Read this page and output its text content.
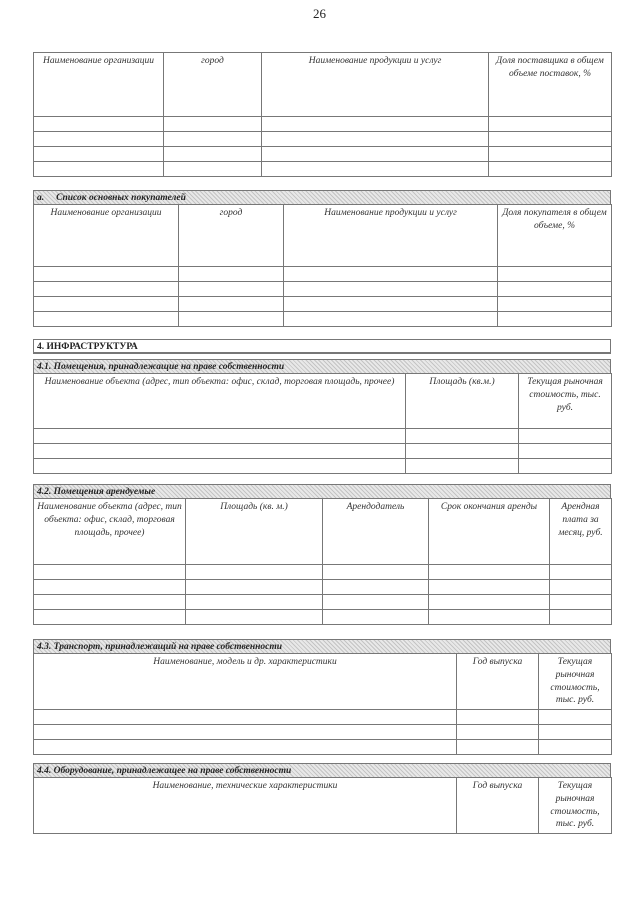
26
Наименование организации	город	Наименование продукции и услуг	Доля поставщика в общем объеме поставок, %

a. Список основных покупателей
Наименование организации	город	Наименование продукции и услуг	Доля покупателя в общем объеме, %

4. ИНФРАСТРУКТУРА
4.1. Помещения, принадлежащие на праве собственности
Наименование объекта (адрес, тип объекта: офис, склад, торговая площадь, прочее)	Площадь (кв.м.)	Текущая рыночная стоимость, тыс. руб.

4.2. Помещения арендуемые
Наименование объекта (адрес, тип объекта: офис, склад, торговая площадь, прочее)	Площадь (кв. м.)	Арендодатель	Срок окончания аренды	Арендная плата за месяц, руб.

4.3. Транспорт, принадлежащий на праве собственности
Наименование, модель и др. характеристики	Год выпуска	Текущая рыночная стоимость, тыс. руб.

4.4. Оборудование, принадлежащее на праве собственности
Наименование, технические характеристики	Год выпуска	Текущая рыночная стоимость, тыс. руб.
